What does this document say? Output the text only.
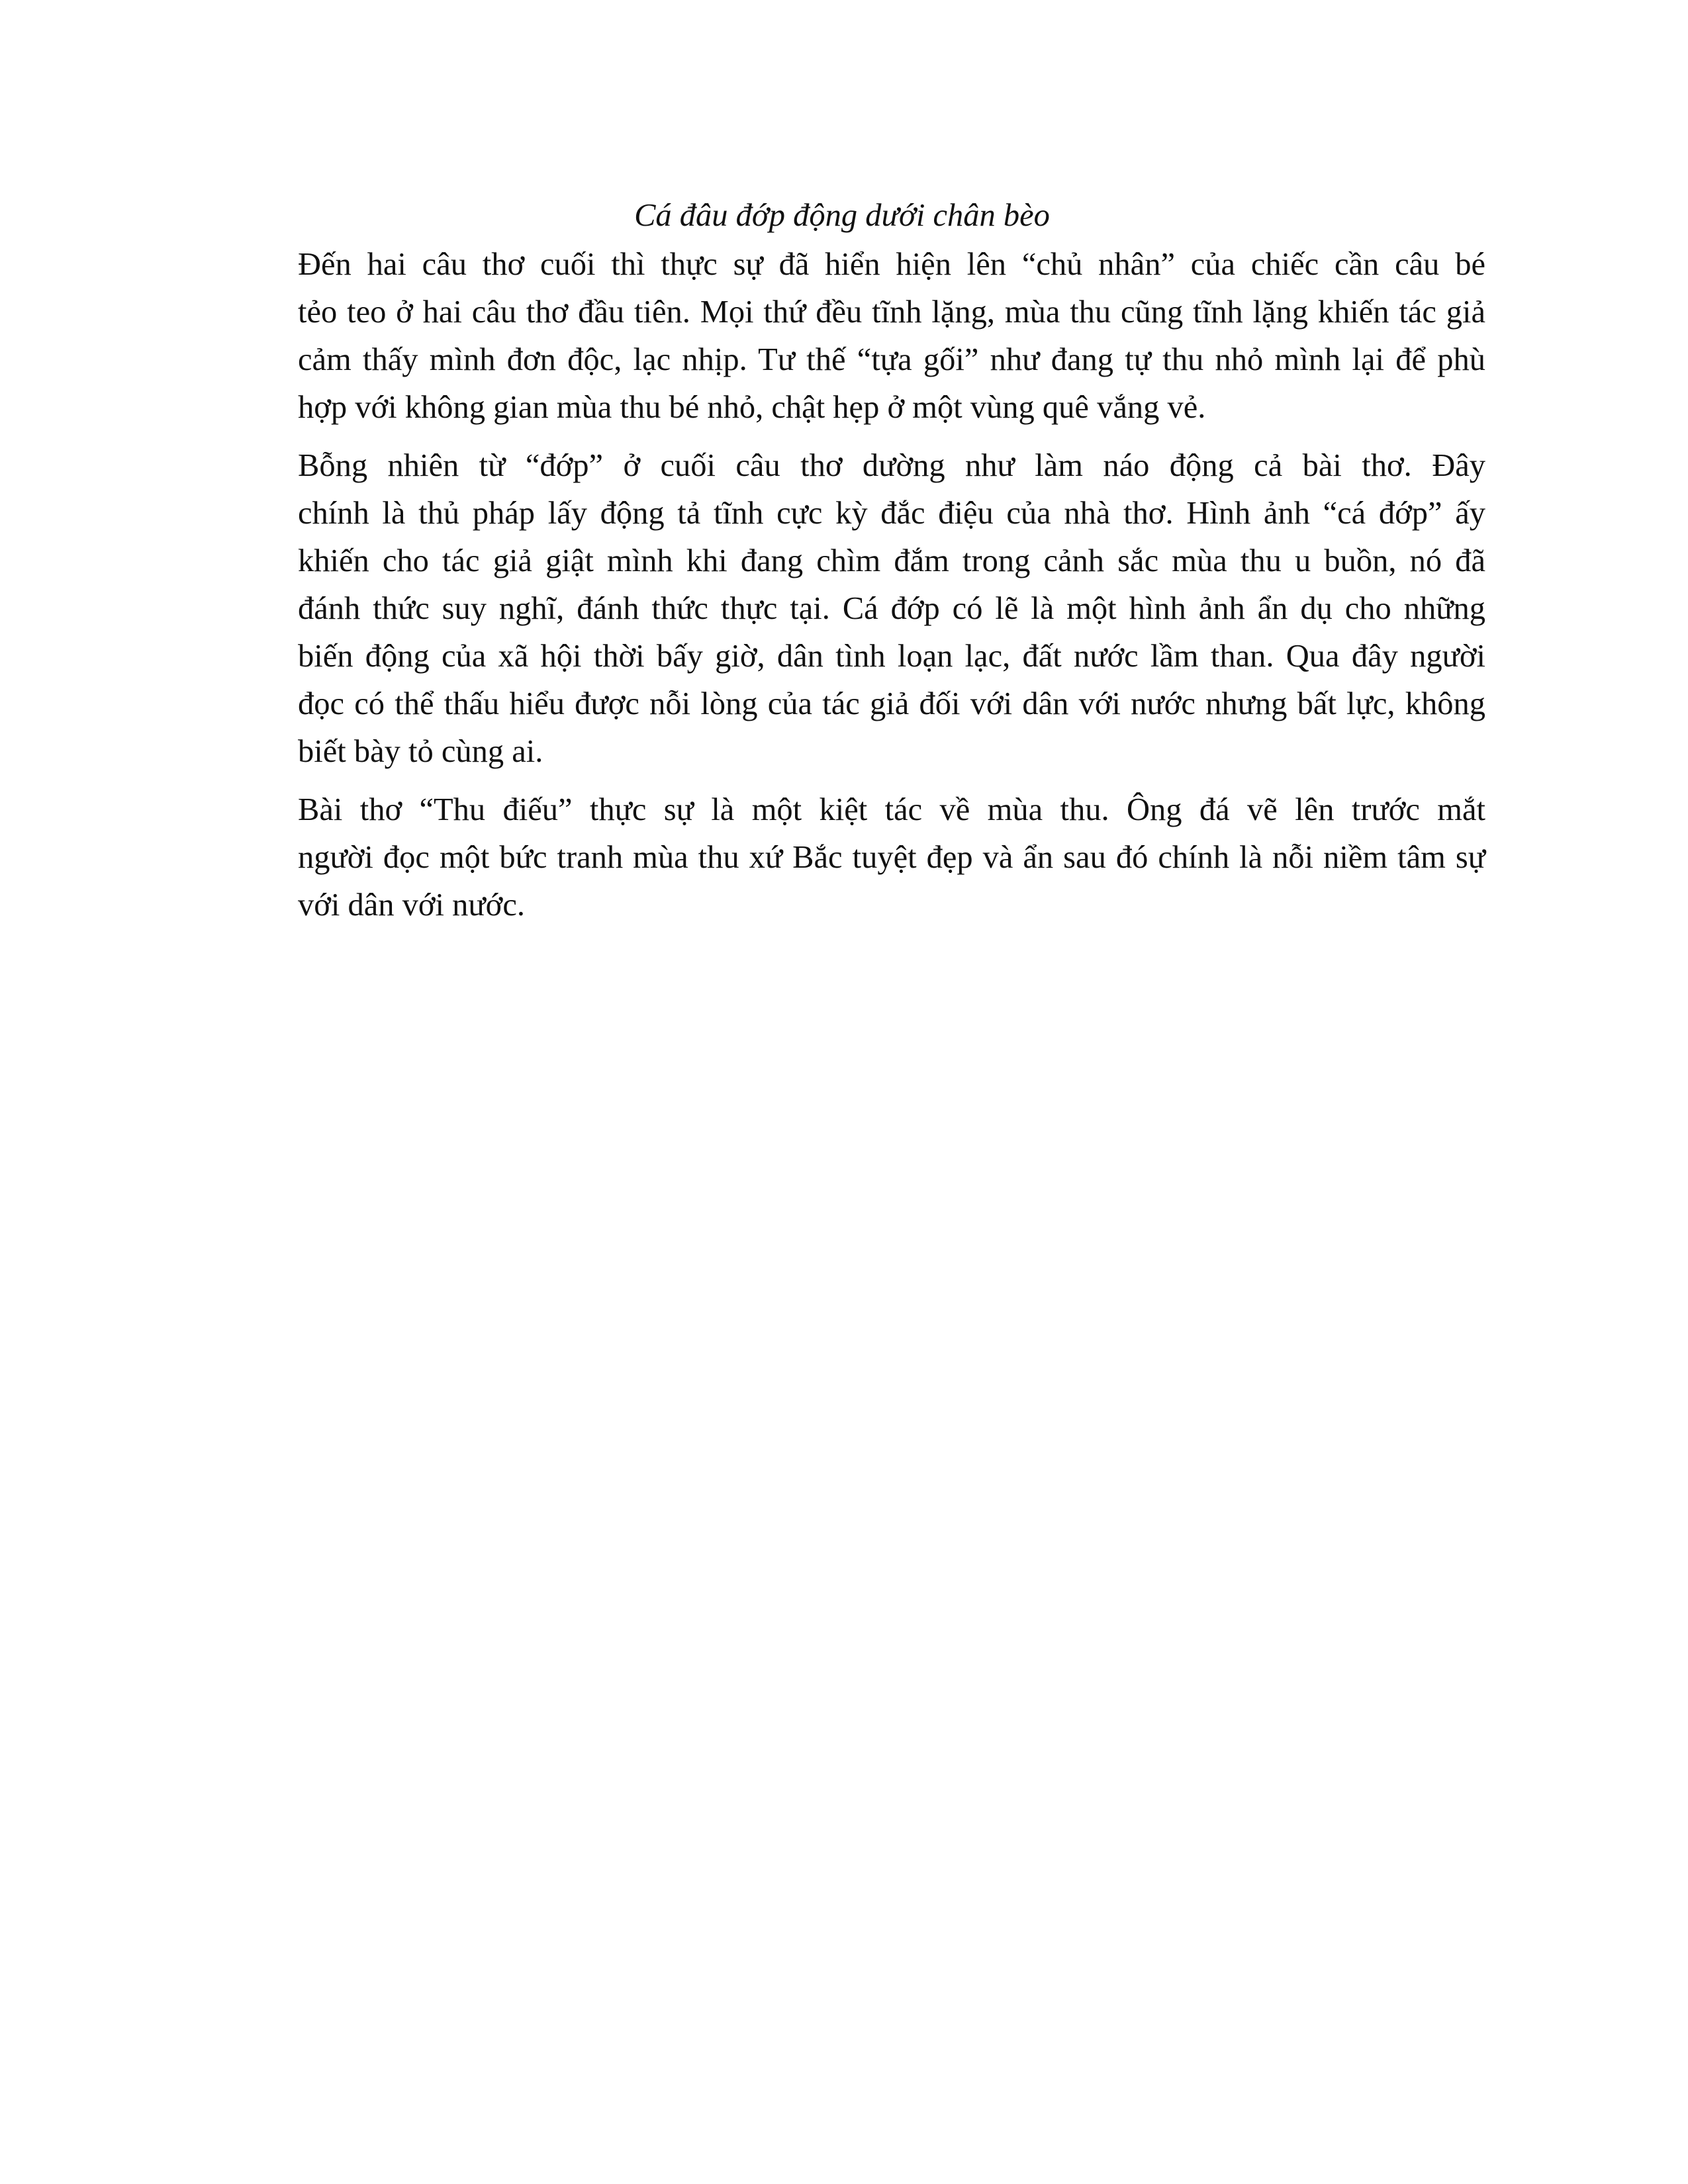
Cá đâu đớp động dưới chân bèo

Đến hai câu thơ cuối thì thực sự đã hiển hiện lên “chủ nhân” của chiếc cần câu bé
tẻo teo ở hai câu thơ đầu tiên. Mọi thứ đều tĩnh lặng, mùa thu cũng tĩnh lặng khiến tác giả
cảm thấy mình đơn độc, lạc nhịp. Tư thế “tựa gối” như đang tự thu nhỏ mình lại để phù
hợp với không gian mùa thu bé nhỏ, chật hẹp ở một vùng quê vắng vẻ.

Bỗng nhiên từ “đớp” ở cuối câu thơ dường như làm náo động cả bài thơ. Đây
chính là thủ pháp lấy động tả tĩnh cực kỳ đắc điệu của nhà thơ. Hình ảnh “cá đớp” ấy
khiến cho tác giả giật mình khi đang chìm đắm trong cảnh sắc mùa thu u buồn, nó đã
đánh thức suy nghĩ, đánh thức thực tại. Cá đớp có lẽ là một hình ảnh ẩn dụ cho những
biến động của xã hội thời bấy giờ, dân tình loạn lạc, đất nước lầm than. Qua đây người
đọc có thể thấu hiểu được nỗi lòng của tác giả đối với dân với nước nhưng bất lực, không
biết bày tỏ cùng ai.

Bài thơ “Thu điếu” thực sự là một kiệt tác về mùa thu. Ông đá vẽ lên trước mắt
người đọc một bức tranh mùa thu xứ Bắc tuyệt đẹp và ẩn sau đó chính là nỗi niềm tâm sự
với dân với nước.
